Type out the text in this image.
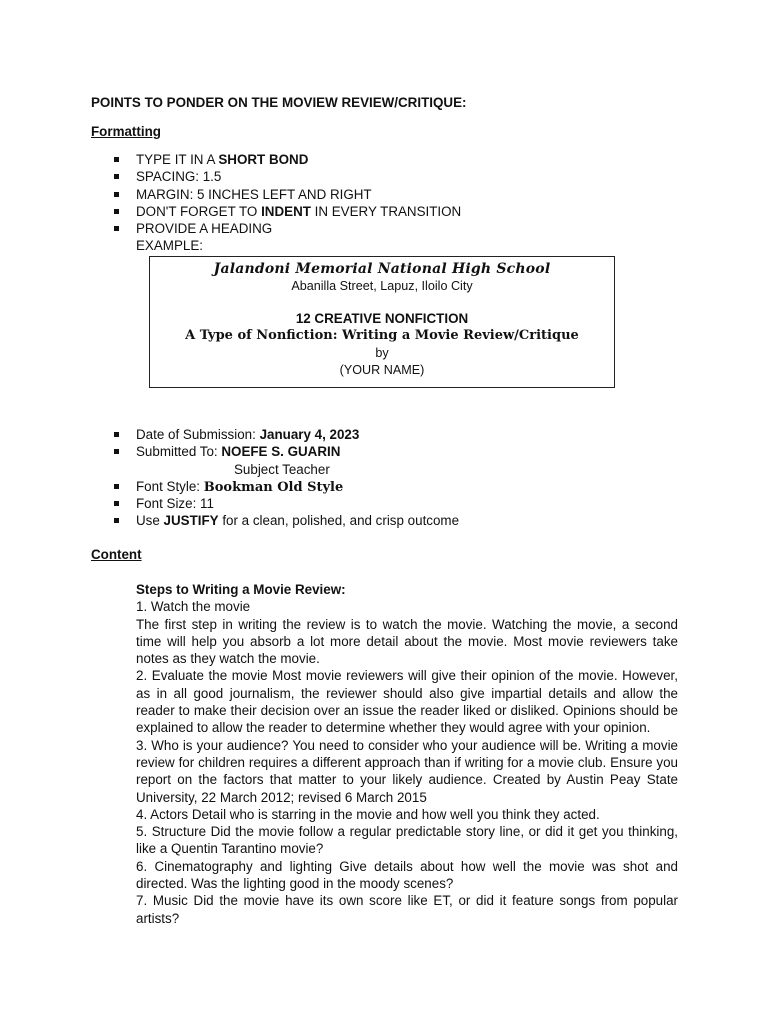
POINTS TO PONDER ON THE MOVIEW REVIEW/CRITIQUE:
Formatting
TYPE IT IN A SHORT BOND
SPACING: 1.5
MARGIN: 5 INCHES LEFT AND RIGHT
DON'T FORGET TO INDENT IN EVERY TRANSITION
PROVIDE A HEADING
EXAMPLE:
Jalandoni Memorial National High School
Abanilla Street, Lapuz, Iloilo City
12 CREATIVE NONFICTION
A Type of Nonfiction: Writing a Movie Review/Critique
by
(YOUR NAME)
Date of Submission: January 4, 2023
Submitted To: NOEFE S. GUARIN
Subject Teacher
Font Style: Bookman Old Style
Font Size: 11
Use JUSTIFY for a clean, polished, and crisp outcome
Content

Steps to Writing a Movie Review:

1. Watch the movie

The first step in writing the review is to watch the movie. Watching the movie, a second time will help you absorb a lot more detail about the movie. Most movie reviewers take notes as they watch the movie.

2. Evaluate the movie Most movie reviewers will give their opinion of the movie. However, as in all good journalism, the reviewer should also give impartial details and allow the reader to make their decision over an issue the reader liked or disliked. Opinions should be explained to allow the reader to determine whether they would agree with your opinion.

3. Who is your audience? You need to consider who your audience will be. Writing a movie review for children requires a different approach than if writing for a movie club. Ensure you report on the factors that matter to your likely audience. Created by Austin Peay State University, 22 March 2012; revised 6 March 2015

4. Actors Detail who is starring in the movie and how well you think they acted.

5. Structure Did the movie follow a regular predictable story line, or did it get you thinking, like a Quentin Tarantino movie?

6. Cinematography and lighting Give details about how well the movie was shot and directed. Was the lighting good in the moody scenes?

7. Music Did the movie have its own score like ET, or did it feature songs from popular artists?
